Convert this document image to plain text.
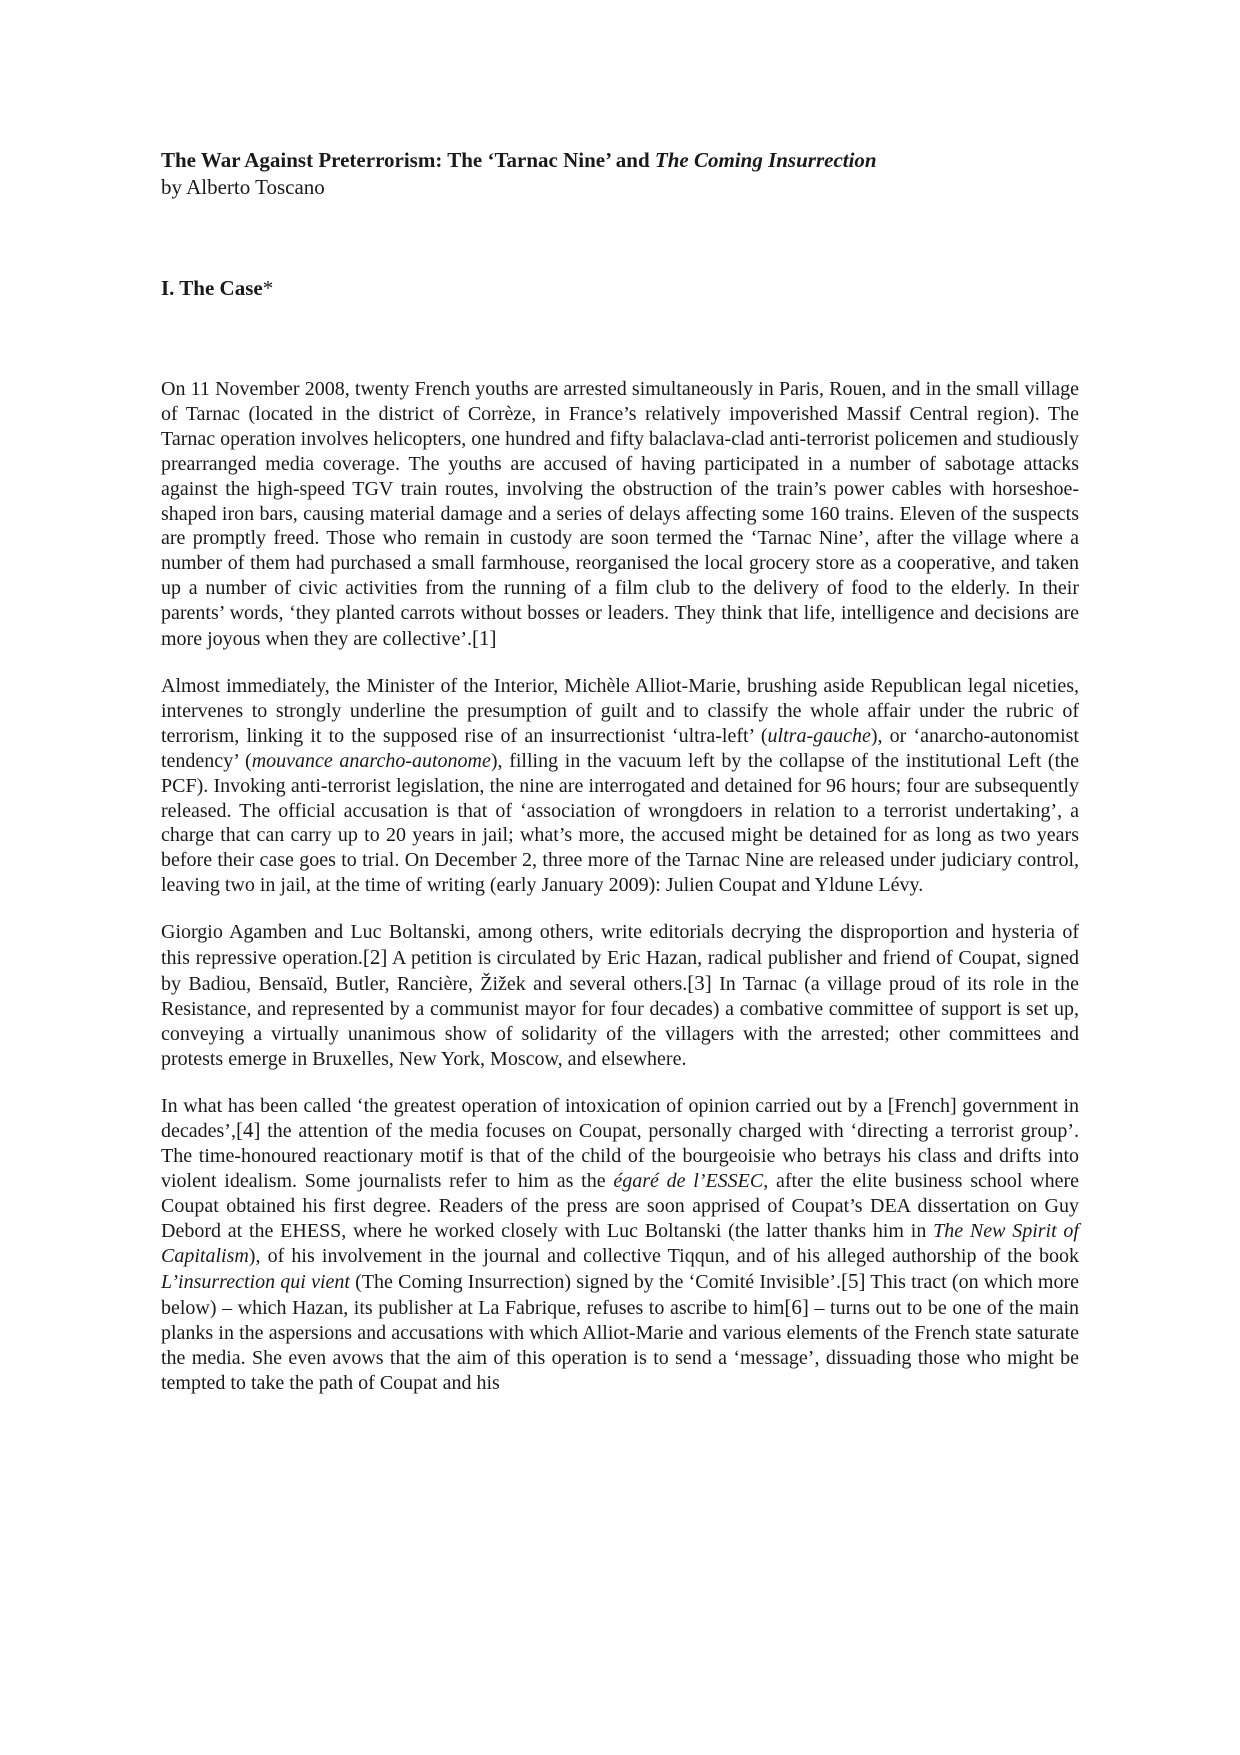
The War Against Preterrorism: The ‘Tarnac Nine’ and The Coming Insurrection
by Alberto Toscano
I. The Case*

On 11 November 2008, twenty French youths are arrested simultaneously in Paris, Rouen, and in the small village of Tarnac (located in the district of Corrèze, in France’s relatively impoverished Massif Central region). The Tarnac operation involves helicopters, one hundred and fifty balaclava-clad anti-terrorist policemen and studiously prearranged media coverage. The youths are accused of having participated in a number of sabotage attacks against the high-speed TGV train routes, involving the obstruction of the train’s power cables with horseshoe-shaped iron bars, causing material damage and a series of delays affecting some 160 trains. Eleven of the suspects are promptly freed. Those who remain in custody are soon termed the ‘Tarnac Nine’, after the village where a number of them had purchased a small farmhouse, reorganised the local grocery store as a cooperative, and taken up a number of civic activities from the running of a film club to the delivery of food to the elderly. In their parents’ words, ‘they planted carrots without bosses or leaders. They think that life, intelligence and decisions are more joyous when they are collective’.[1]

Almost immediately, the Minister of the Interior, Michèle Alliot-Marie, brushing aside Republican legal niceties, intervenes to strongly underline the presumption of guilt and to classify the whole affair under the rubric of terrorism, linking it to the supposed rise of an insurrectionist ‘ultra-left’ (ultra-gauche), or ‘anarcho-autonomist tendency’ (mouvance anarcho-autonome), filling in the vacuum left by the collapse of the institutional Left (the PCF). Invoking anti-terrorist legislation, the nine are interrogated and detained for 96 hours; four are subsequently released. The official accusation is that of ‘association of wrongdoers in relation to a terrorist undertaking’, a charge that can carry up to 20 years in jail; what’s more, the accused might be detained for as long as two years before their case goes to trial. On December 2, three more of the Tarnac Nine are released under judiciary control, leaving two in jail, at the time of writing (early January 2009): Julien Coupat and Yldune Lévy.

Giorgio Agamben and Luc Boltanski, among others, write editorials decrying the disproportion and hysteria of this repressive operation.[2] A petition is circulated by Eric Hazan, radical publisher and friend of Coupat, signed by Badiou, Bensaïd, Butler, Rancière, Žižek and several others.[3] In Tarnac (a village proud of its role in the Resistance, and represented by a communist mayor for four decades) a combative committee of support is set up, conveying a virtually unanimous show of solidarity of the villagers with the arrested; other committees and protests emerge in Bruxelles, New York, Moscow, and elsewhere.

In what has been called ‘the greatest operation of intoxication of opinion carried out by a [French] government in decades’,[4] the attention of the media focuses on Coupat, personally charged with ‘directing a terrorist group’. The time-honoured reactionary motif is that of the child of the bourgeoisie who betrays his class and drifts into violent idealism. Some journalists refer to him as the égaré de l’ESSEC, after the elite business school where Coupat obtained his first degree. Readers of the press are soon apprised of Coupat’s DEA dissertation on Guy Debord at the EHESS, where he worked closely with Luc Boltanski (the latter thanks him in The New Spirit of Capitalism), of his involvement in the journal and collective Tiqqun, and of his alleged authorship of the book L’insurrection qui vient (The Coming Insurrection) signed by the ‘Comité Invisible’.[5] This tract (on which more below) – which Hazan, its publisher at La Fabrique, refuses to ascribe to him[6] – turns out to be one of the main planks in the aspersions and accusations with which Alliot-Marie and various elements of the French state saturate the media. She even avows that the aim of this operation is to send a ‘message’, dissuading those who might be tempted to take the path of Coupat and his
